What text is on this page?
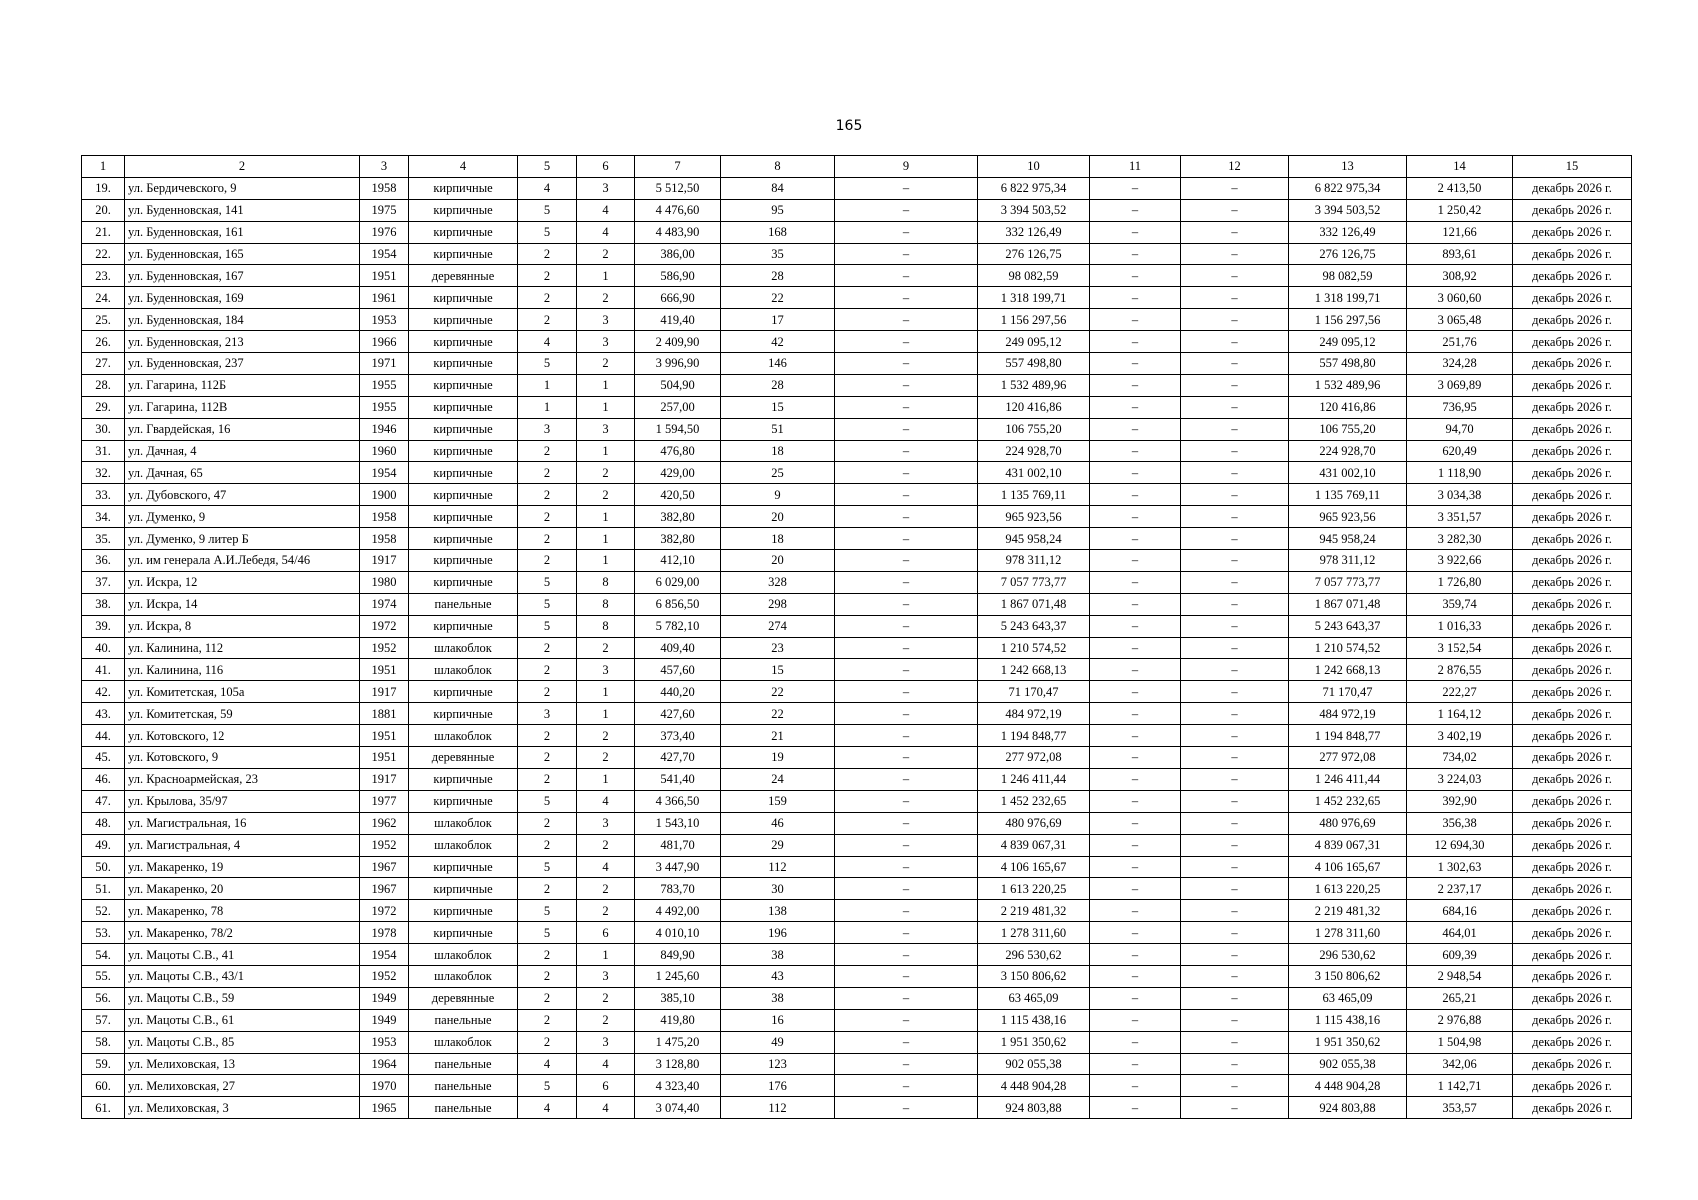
165
1	2	3	4	5	6	7	8	9	10	11	12	13	14	15
19.	ул. Бердичевского, 9	1958	кирпичные	4	3	5 512,50	84	–	6 822 975,34	–	–	6 822 975,34	2 413,50	декабрь 2026 г.
20.	ул. Буденновская, 141	1975	кирпичные	5	4	4 476,60	95	–	3 394 503,52	–	–	3 394 503,52	1 250,42	декабрь 2026 г.
21.	ул. Буденновская, 161	1976	кирпичные	5	4	4 483,90	168	–	332 126,49	–	–	332 126,49	121,66	декабрь 2026 г.
22.	ул. Буденновская, 165	1954	кирпичные	2	2	386,00	35	–	276 126,75	–	–	276 126,75	893,61	декабрь 2026 г.
23.	ул. Буденновская, 167	1951	деревянные	2	1	586,90	28	–	98 082,59	–	–	98 082,59	308,92	декабрь 2026 г.
24.	ул. Буденновская, 169	1961	кирпичные	2	2	666,90	22	–	1 318 199,71	–	–	1 318 199,71	3 060,60	декабрь 2026 г.
25.	ул. Буденновская, 184	1953	кирпичные	2	3	419,40	17	–	1 156 297,56	–	–	1 156 297,56	3 065,48	декабрь 2026 г.
26.	ул. Буденновская, 213	1966	кирпичные	4	3	2 409,90	42	–	249 095,12	–	–	249 095,12	251,76	декабрь 2026 г.
27.	ул. Буденновская, 237	1971	кирпичные	5	2	3 996,90	146	–	557 498,80	–	–	557 498,80	324,28	декабрь 2026 г.
28.	ул. Гагарина, 112Б	1955	кирпичные	1	1	504,90	28	–	1 532 489,96	–	–	1 532 489,96	3 069,89	декабрь 2026 г.
29.	ул. Гагарина, 112В	1955	кирпичные	1	1	257,00	15	–	120 416,86	–	–	120 416,86	736,95	декабрь 2026 г.
30.	ул. Гвардейская, 16	1946	кирпичные	3	3	1 594,50	51	–	106 755,20	–	–	106 755,20	94,70	декабрь 2026 г.
31.	ул. Дачная, 4	1960	кирпичные	2	1	476,80	18	–	224 928,70	–	–	224 928,70	620,49	декабрь 2026 г.
32.	ул. Дачная, 65	1954	кирпичные	2	2	429,00	25	–	431 002,10	–	–	431 002,10	1 118,90	декабрь 2026 г.
33.	ул. Дубовского, 47	1900	кирпичные	2	2	420,50	9	–	1 135 769,11	–	–	1 135 769,11	3 034,38	декабрь 2026 г.
34.	ул. Думенко, 9	1958	кирпичные	2	1	382,80	20	–	965 923,56	–	–	965 923,56	3 351,57	декабрь 2026 г.
35.	ул. Думенко, 9 литер Б	1958	кирпичные	2	1	382,80	18	–	945 958,24	–	–	945 958,24	3 282,30	декабрь 2026 г.
36.	ул. им генерала А.И.Лебедя, 54/46	1917	кирпичные	2	1	412,10	20	–	978 311,12	–	–	978 311,12	3 922,66	декабрь 2026 г.
37.	ул. Искра, 12	1980	кирпичные	5	8	6 029,00	328	–	7 057 773,77	–	–	7 057 773,77	1 726,80	декабрь 2026 г.
38.	ул. Искра, 14	1974	панельные	5	8	6 856,50	298	–	1 867 071,48	–	–	1 867 071,48	359,74	декабрь 2026 г.
39.	ул. Искра, 8	1972	кирпичные	5	8	5 782,10	274	–	5 243 643,37	–	–	5 243 643,37	1 016,33	декабрь 2026 г.
40.	ул. Калинина, 112	1952	шлакоблок	2	2	409,40	23	–	1 210 574,52	–	–	1 210 574,52	3 152,54	декабрь 2026 г.
41.	ул. Калинина, 116	1951	шлакоблок	2	3	457,60	15	–	1 242 668,13	–	–	1 242 668,13	2 876,55	декабрь 2026 г.
42.	ул. Комитетская, 105а	1917	кирпичные	2	1	440,20	22	–	71 170,47	–	–	71 170,47	222,27	декабрь 2026 г.
43.	ул. Комитетская, 59	1881	кирпичные	3	1	427,60	22	–	484 972,19	–	–	484 972,19	1 164,12	декабрь 2026 г.
44.	ул. Котовского, 12	1951	шлакоблок	2	2	373,40	21	–	1 194 848,77	–	–	1 194 848,77	3 402,19	декабрь 2026 г.
45.	ул. Котовского, 9	1951	деревянные	2	2	427,70	19	–	277 972,08	–	–	277 972,08	734,02	декабрь 2026 г.
46.	ул. Красноармейская, 23	1917	кирпичные	2	1	541,40	24	–	1 246 411,44	–	–	1 246 411,44	3 224,03	декабрь 2026 г.
47.	ул. Крылова, 35/97	1977	кирпичные	5	4	4 366,50	159	–	1 452 232,65	–	–	1 452 232,65	392,90	декабрь 2026 г.
48.	ул. Магистральная, 16	1962	шлакоблок	2	3	1 543,10	46	–	480 976,69	–	–	480 976,69	356,38	декабрь 2026 г.
49.	ул. Магистральная, 4	1952	шлакоблок	2	2	481,70	29	–	4 839 067,31	–	–	4 839 067,31	12 694,30	декабрь 2026 г.
50.	ул. Макаренко, 19	1967	кирпичные	5	4	3 447,90	112	–	4 106 165,67	–	–	4 106 165,67	1 302,63	декабрь 2026 г.
51.	ул. Макаренко, 20	1967	кирпичные	2	2	783,70	30	–	1 613 220,25	–	–	1 613 220,25	2 237,17	декабрь 2026 г.
52.	ул. Макаренко, 78	1972	кирпичные	5	2	4 492,00	138	–	2 219 481,32	–	–	2 219 481,32	684,16	декабрь 2026 г.
53.	ул. Макаренко, 78/2	1978	кирпичные	5	6	4 010,10	196	–	1 278 311,60	–	–	1 278 311,60	464,01	декабрь 2026 г.
54.	ул. Мацоты С.В., 41	1954	шлакоблок	2	1	849,90	38	–	296 530,62	–	–	296 530,62	609,39	декабрь 2026 г.
55.	ул. Мацоты С.В., 43/1	1952	шлакоблок	2	3	1 245,60	43	–	3 150 806,62	–	–	3 150 806,62	2 948,54	декабрь 2026 г.
56.	ул. Мацоты С.В., 59	1949	деревянные	2	2	385,10	38	–	63 465,09	–	–	63 465,09	265,21	декабрь 2026 г.
57.	ул. Мацоты С.В., 61	1949	панельные	2	2	419,80	16	–	1 115 438,16	–	–	1 115 438,16	2 976,88	декабрь 2026 г.
58.	ул. Мацоты С.В., 85	1953	шлакоблок	2	3	1 475,20	49	–	1 951 350,62	–	–	1 951 350,62	1 504,98	декабрь 2026 г.
59.	ул. Мелиховская, 13	1964	панельные	4	4	3 128,80	123	–	902 055,38	–	–	902 055,38	342,06	декабрь 2026 г.
60.	ул. Мелиховская, 27	1970	панельные	5	6	4 323,40	176	–	4 448 904,28	–	–	4 448 904,28	1 142,71	декабрь 2026 г.
61.	ул. Мелиховская, 3	1965	панельные	4	4	3 074,40	112	–	924 803,88	–	–	924 803,88	353,57	декабрь 2026 г.
